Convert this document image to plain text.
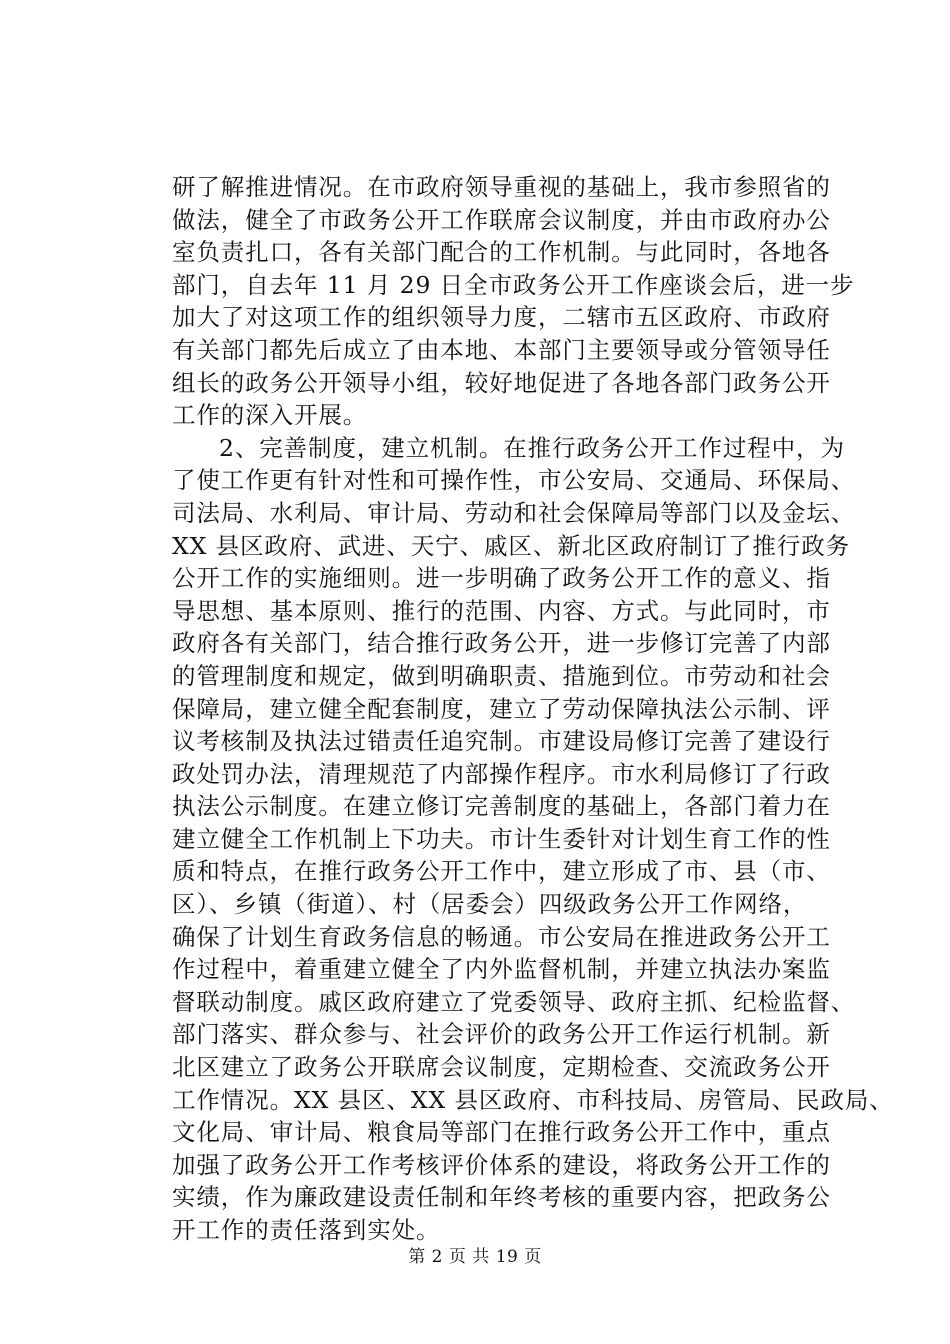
研了解推进情况。在市政府领导重视的基础上，我市参照省的
做法，健全了市政务公开工作联席会议制度，并由市政府办公
室负责扎口，各有关部门配合的工作机制。与此同时，各地各
部门，自去年 11 月 29 日全市政务公开工作座谈会后，进一步
加大了对这项工作的组织领导力度，二辖市五区政府、市政府
有关部门都先后成立了由本地、本部门主要领导或分管领导任
组长的政务公开领导小组，较好地促进了各地各部门政务公开
工作的深入开展。
2、完善制度，建立机制。在推行政务公开工作过程中，为
了使工作更有针对性和可操作性，市公安局、交通局、环保局、
司法局、水利局、审计局、劳动和社会保障局等部门以及金坛、
XX 县区政府、武进、天宁、戚区、新北区政府制订了推行政务
公开工作的实施细则。进一步明确了政务公开工作的意义、指
导思想、基本原则、推行的范围、内容、方式。与此同时，市
政府各有关部门，结合推行政务公开，进一步修订完善了内部
的管理制度和规定，做到明确职责、措施到位。市劳动和社会
保障局，建立健全配套制度，建立了劳动保障执法公示制、评
议考核制及执法过错责任追究制。市建设局修订完善了建设行
政处罚办法，清理规范了内部操作程序。市水利局修订了行政
执法公示制度。在建立修订完善制度的基础上，各部门着力在
建立健全工作机制上下功夫。市计生委针对计划生育工作的性
质和特点，在推行政务公开工作中，建立形成了市、县（市、
区）、乡镇（街道）、村（居委会）四级政务公开工作网络，
确保了计划生育政务信息的畅通。市公安局在推进政务公开工
作过程中，着重建立健全了内外监督机制，并建立执法办案监
督联动制度。戚区政府建立了党委领导、政府主抓、纪检监督、
部门落实、群众参与、社会评价的政务公开工作运行机制。新
北区建立了政务公开联席会议制度，定期检查、交流政务公开
工作情况。XX 县区、XX 县区政府、市科技局、房管局、民政局、
文化局、审计局、粮食局等部门在推行政务公开工作中，重点
加强了政务公开工作考核评价体系的建设，将政务公开工作的
实绩，作为廉政建设责任制和年终考核的重要内容，把政务公
开工作的责任落到实处。
第 2 页 共 19 页
